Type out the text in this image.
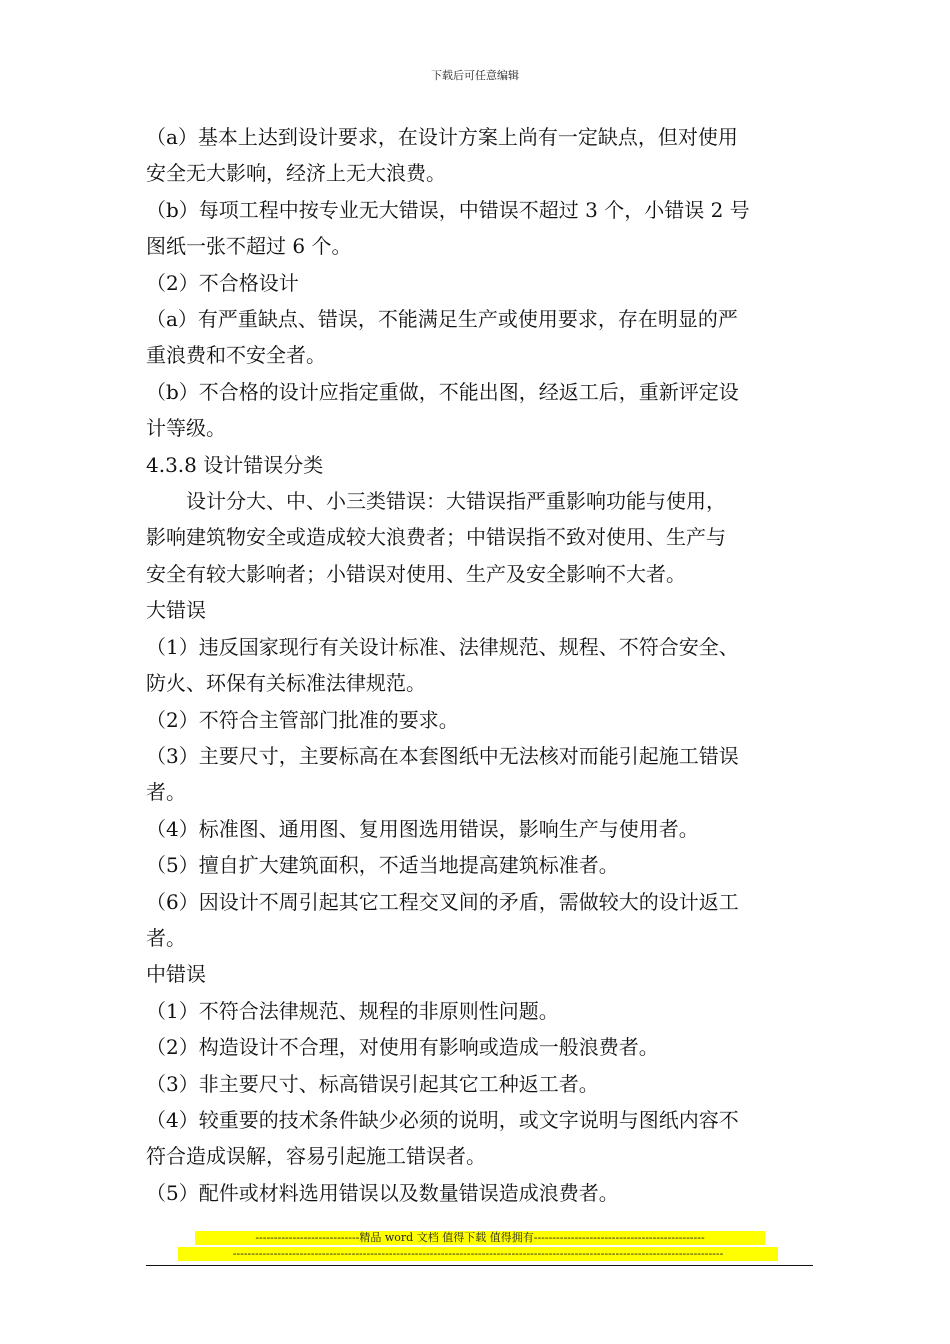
下载后可任意编辑

（a）基本上达到设计要求，在设计方案上尚有一定缺点，但对使用

安全无大影响，经济上无大浪费。

（b）每项工程中按专业无大错误，中错误不超过 3 个，小错误 2 号

图纸一张不超过 6 个。

（2）不合格设计

（a）有严重缺点、错误，不能满足生产或使用要求，存在明显的严

重浪费和不安全者。

（b）不合格的设计应指定重做，不能出图，经返工后，重新评定设

计等级。

4.3.8 设计错误分类

设计分大、中、小三类错误：大错误指严重影响功能与使用，

影响建筑物安全或造成较大浪费者；中错误指不致对使用、生产与

安全有较大影响者；小错误对使用、生产及安全影响不大者。

大错误

（1）违反国家现行有关设计标准、法律规范、规程、不符合安全、

防火、环保有关标准法律规范。

（2）不符合主管部门批准的要求。

（3）主要尺寸，主要标高在本套图纸中无法核对而能引起施工错误

者。

（4）标准图、通用图、复用图选用错误，影响生产与使用者。

（5）擅自扩大建筑面积，不适当地提高建筑标准者。

（6）因设计不周引起其它工程交叉间的矛盾，需做较大的设计返工

者。

中错误

（1）不符合法律规范、规程的非原则性问题。

（2）构造设计不合理，对使用有影响或造成一般浪费者。

（3）非主要尺寸、标高错误引起其它工种返工者。

（4）较重要的技术条件缺少必须的说明，或文字说明与图纸内容不

符合造成误解，容易引起施工错误者。

（5）配件或材料选用错误以及数量错误造成浪费者。

----------------------------精品 word 文档 值得下载 值得拥有----------------------------------------------
------------------------------------------------------------------------------------------------------------------------------------
